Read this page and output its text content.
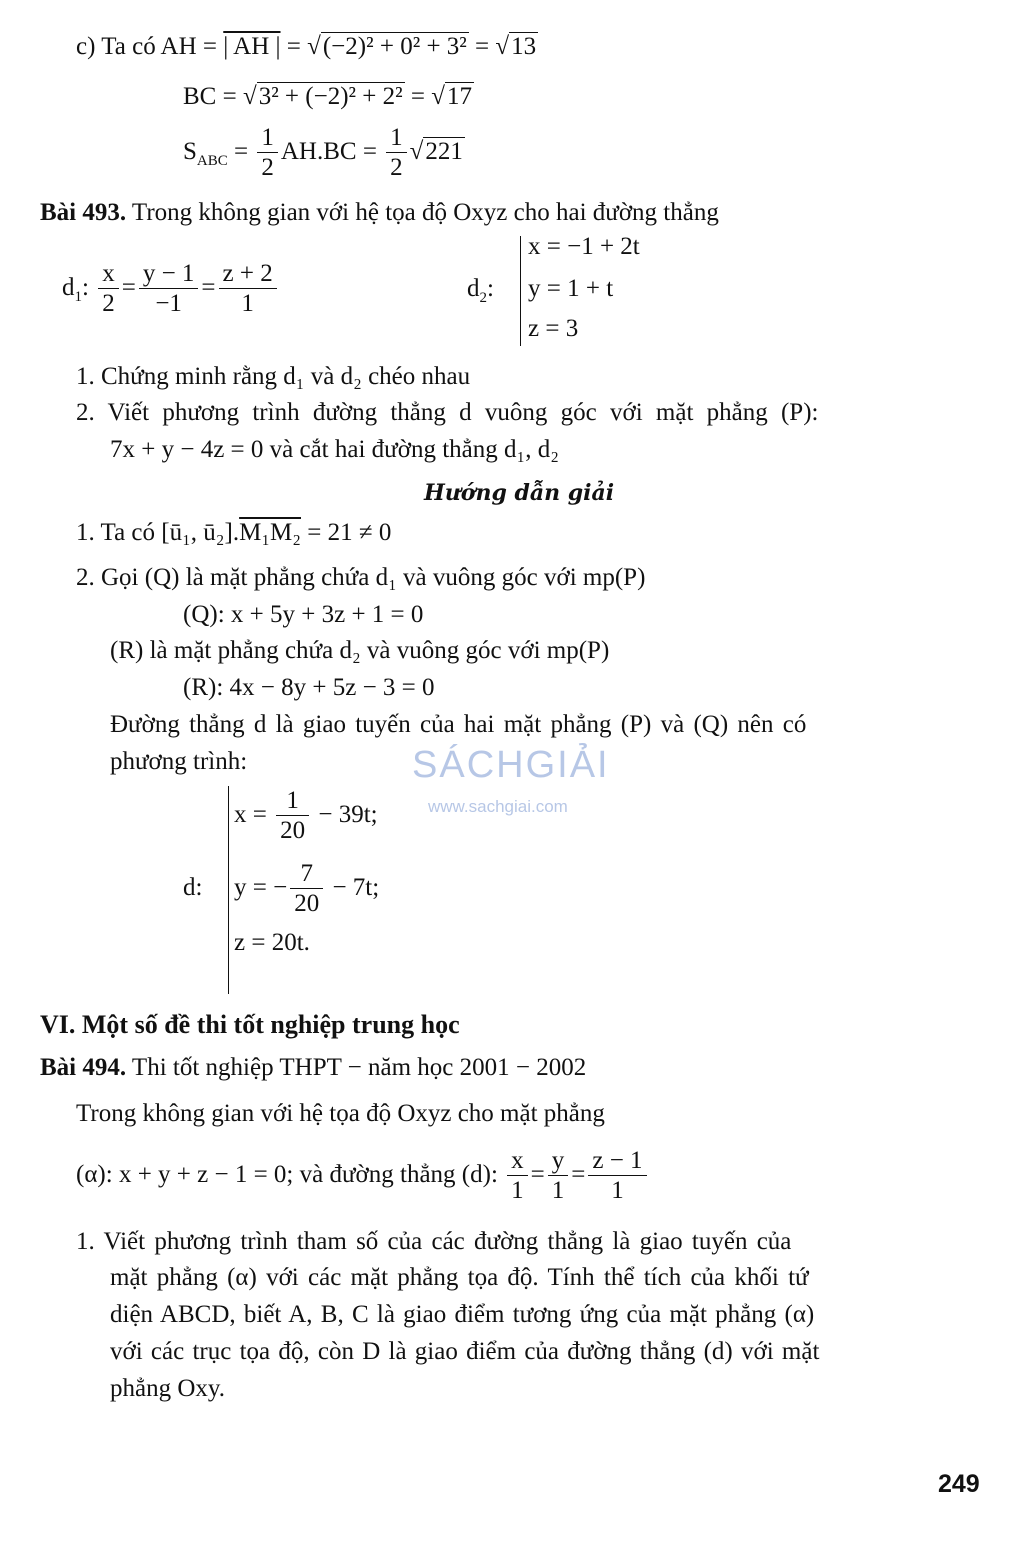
c) Ta có AH = | AH | = √(−2)² + 0² + 3² = √13
BC = √3² + (−2)² + 2² = √17
$S_{ABC} = \frac{1}{2} AH.BC = \frac{1}{2} √221$
Bài 493. Trong không gian với hệ tọa độ Oxyz cho hai đường thẳng
$d_1$: $\frac{x}{2} = \frac{y - 1}{-1} = \frac{z + 2}{1}$	$d_2$:
x = −1 + 2t
y = 1 + t
z = 3
1. Chứng minh rằng d₁ và d₂ chéo nhau
2. Viết phương trình đường thẳng d vuông góc với mặt phẳng (P):
7x + y − 4z = 0 và cắt hai đường thẳng d₁, d₂
Hướng dẫn giải
1. Ta có [ū₁, ū₂].M₁M₂ = 21 ≠ 0
2. Gọi (Q) là mặt phẳng chứa d₁ và vuông góc với mp(P)
(Q): x + 5y + 3z + 1 = 0
(R) là mặt phẳng chứa d₂ và vuông góc với mp(P)
(R): 4x − 8y + 5z − 3 = 0
Đường thẳng d là giao tuyến của hai mặt phẳng (P) và (Q) nên có
phương trình:
d:
$x = \frac{1}{20} - 39t$;
y = − $\frac{7}{20} - 7t$;
z = 20t.
VI. Một số đề thi tốt nghiệp trung học
Bài 494. Thi tốt nghiệp THPT − năm học 2001 − 2002
Trong không gian với hệ tọa độ Oxyz cho mặt phẳng
(α): x + y + z − 1 = 0; và đường thẳng (d): $\frac{x}{1} = \frac{y}{1} = \frac{z - 1}{1}$
1. Viết phương trình tham số của các đường thẳng là giao tuyến của
mặt phẳng (α) với các mặt phẳng tọa độ. Tính thể tích của khối tứ
diện ABCD, biết A, B, C là giao điểm tương ứng của mặt phẳng (α)
với các trục tọa độ, còn D là giao điểm của đường thẳng (d) với mặt
phẳng Oxy.
SÁCHGIẢI
www.sachgiai.com
249
